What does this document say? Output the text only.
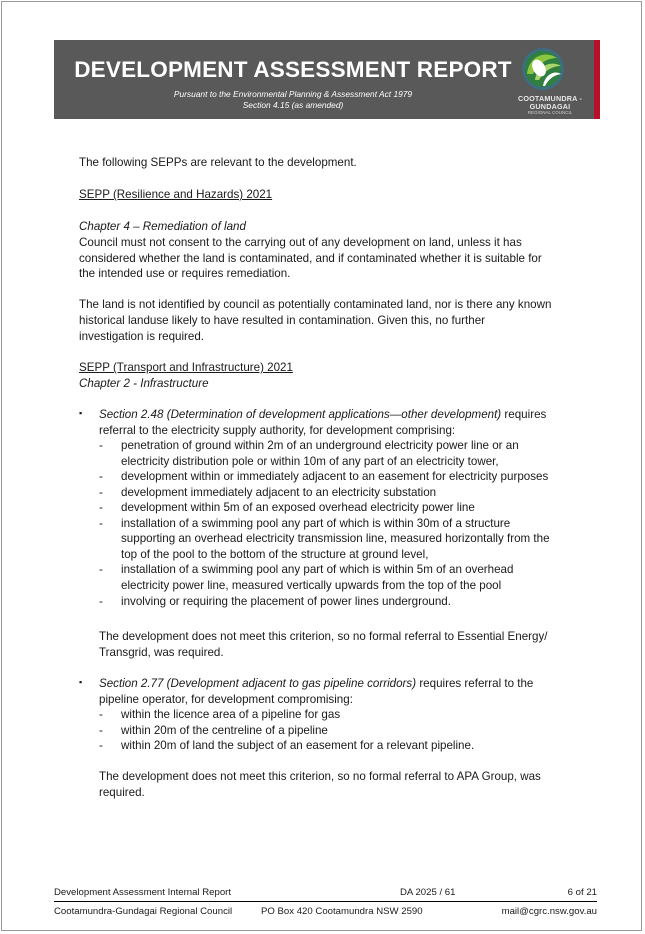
DEVELOPMENT ASSESSMENT REPORT
Pursuant to the Environmental Planning & Assessment Act 1979
Section 4.15 (as amended)
COOTAMUNDRA - GUNDAGAI
REGIONAL COUNCIL
The following SEPPs are relevant to the development.
SEPP (Resilience and Hazards) 2021
Chapter 4 – Remediation of land
Council must not consent to the carrying out of any development on land, unless it has
considered whether the land is contaminated, and if contaminated whether it is suitable for
the intended use or requires remediation.
The land is not identified by council as potentially contaminated land, nor is there any known
historical landuse likely to have resulted in contamination. Given this, no further
investigation is required.
SEPP (Transport and Infrastructure) 2021
Chapter 2 - Infrastructure
▪ Section 2.48 (Determination of development applications—other development) requires
referral to the electricity supply authority, for development comprising:
- penetration of ground within 2m of an underground electricity power line or an
electricity distribution pole or within 10m of any part of an electricity tower,
- development within or immediately adjacent to an easement for electricity purposes
- development immediately adjacent to an electricity substation
- development within 5m of an exposed overhead electricity power line
- installation of a swimming pool any part of which is within 30m of a structure
supporting an overhead electricity transmission line, measured horizontally from the
top of the pool to the bottom of the structure at ground level,
- installation of a swimming pool any part of which is within 5m of an overhead
electricity power line, measured vertically upwards from the top of the pool
- involving or requiring the placement of power lines underground.
The development does not meet this criterion, so no formal referral to Essential Energy/
Transgrid, was required.
▪ Section 2.77 (Development adjacent to gas pipeline corridors) requires referral to the
pipeline operator, for development compromising:
- within the licence area of a pipeline for gas
- within 20m of the centreline of a pipeline
- within 20m of land the subject of an easement for a relevant pipeline.
The development does not meet this criterion, so no formal referral to APA Group, was
required.
Development Assessment Internal Report	DA 2025 / 61	6 of 21
Cootamundra-Gundagai Regional Council	PO Box 420 Cootamundra NSW 2590	mail@cgrc.nsw.gov.au
